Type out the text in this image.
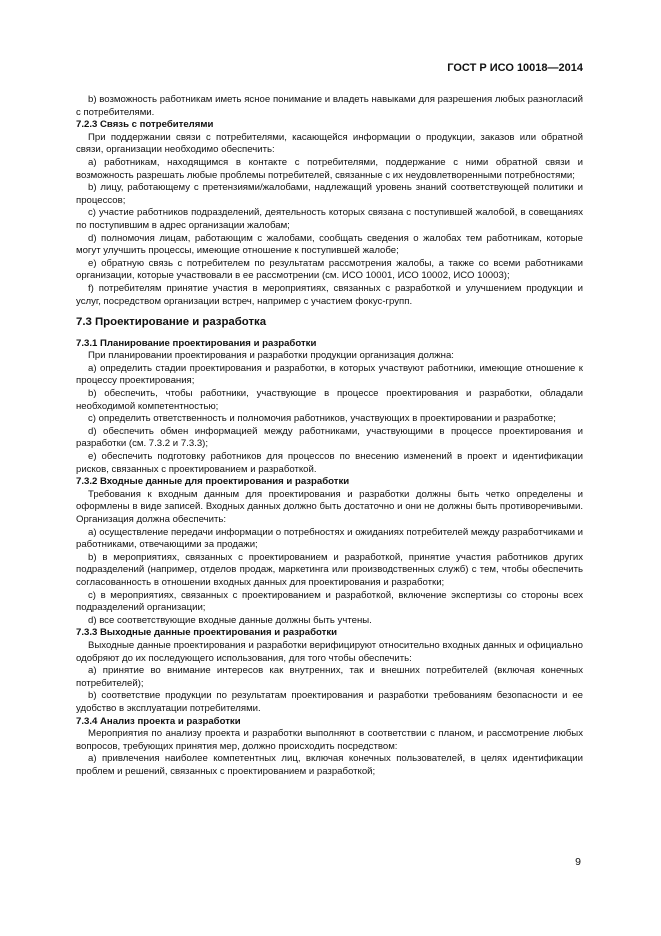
ГОСТ Р ИСО 10018—2014

b) возможность работникам иметь ясное понимание и владеть навыками для разрешения любых разногласий с потребителями.

7.2.3 Связь с потребителями

При поддержании связи с потребителями, касающейся информации о продукции, заказов или обратной связи, организации необходимо обеспечить:

a) работникам, находящимся в контакте с потребителями, поддержание с ними обратной связи и возможность разрешать любые проблемы потребителей, связанные с их неудовлетворенными потребностями;

b) лицу, работающему с претензиями/жалобами, надлежащий уровень знаний соответствующей политики и процессов;

c) участие работников подразделений, деятельность которых связана с поступившей жалобой, в совещаниях по поступившим в адрес организации жалобам;

d) полномочия лицам, работающим с жалобами, сообщать сведения о жалобах тем работникам, которые могут улучшить процессы, имеющие отношение к поступившей жалобе;

e) обратную связь с потребителем по результатам рассмотрения жалобы, а также со всеми работниками организации, которые участвовали в ее рассмотрении (см. ИСО 10001, ИСО 10002, ИСО 10003);

f) потребителям принятие участия в мероприятиях, связанных с разработкой и улучшением продукции и услуг, посредством организации встреч, например с участием фокус-групп.

7.3 Проектирование и разработка
7.3.1 Планирование проектирования и разработки

При планировании проектирования и разработки продукции организация должна:

a) определить стадии проектирования и разработки, в которых участвуют работники, имеющие отношение к процессу проектирования;

b) обеспечить, чтобы работники, участвующие в процессе проектирования и разработки, обладали необходимой компетентностью;

c) определить ответственность и полномочия работников, участвующих в проектировании и разработке;

d) обеспечить обмен информацией между работниками, участвующими в процессе проектирования и разработки (см. 7.3.2 и 7.3.3);

e) обеспечить подготовку работников для процессов по внесению изменений в проект и идентификации рисков, связанных с проектированием и разработкой.

7.3.2 Входные данные для проектирования и разработки

Требования к входным данным для проектирования и разработки должны быть четко определены и оформлены в виде записей. Входных данных должно быть достаточно и они не должны быть противоречивыми. Организация должна обеспечить:

a) осуществление передачи информации о потребностях и ожиданиях потребителей между разработчиками и работниками, отвечающими за продажи;

b) в мероприятиях, связанных с проектированием и разработкой, принятие участия работников других подразделений (например, отделов продаж, маркетинга или производственных служб) с тем, чтобы обеспечить согласованность в отношении входных данных для проектирования и разработки;

c) в мероприятиях, связанных с проектированием и разработкой, включение экспертизы со стороны всех подразделений организации;

d) все соответствующие входные данные должны быть учтены.

7.3.3 Выходные данные проектирования и разработки

Выходные данные проектирования и разработки верифицируют относительно входных данных и официально одобряют до их последующего использования, для того чтобы обеспечить:

a) принятие во внимание интересов как внутренних, так и внешних потребителей (включая конечных потребителей);

b) соответствие продукции по результатам проектирования и разработки требованиям безопасности и ее удобство в эксплуатации потребителями.

7.3.4 Анализ проекта и разработки

Мероприятия по анализу проекта и разработки выполняют в соответствии с планом, и рассмотрение любых вопросов, требующих принятия мер, должно происходить посредством:

a) привлечения наиболее компетентных лиц, включая конечных пользователей, в целях идентификации проблем и решений, связанных с проектированием и разработкой;

9
